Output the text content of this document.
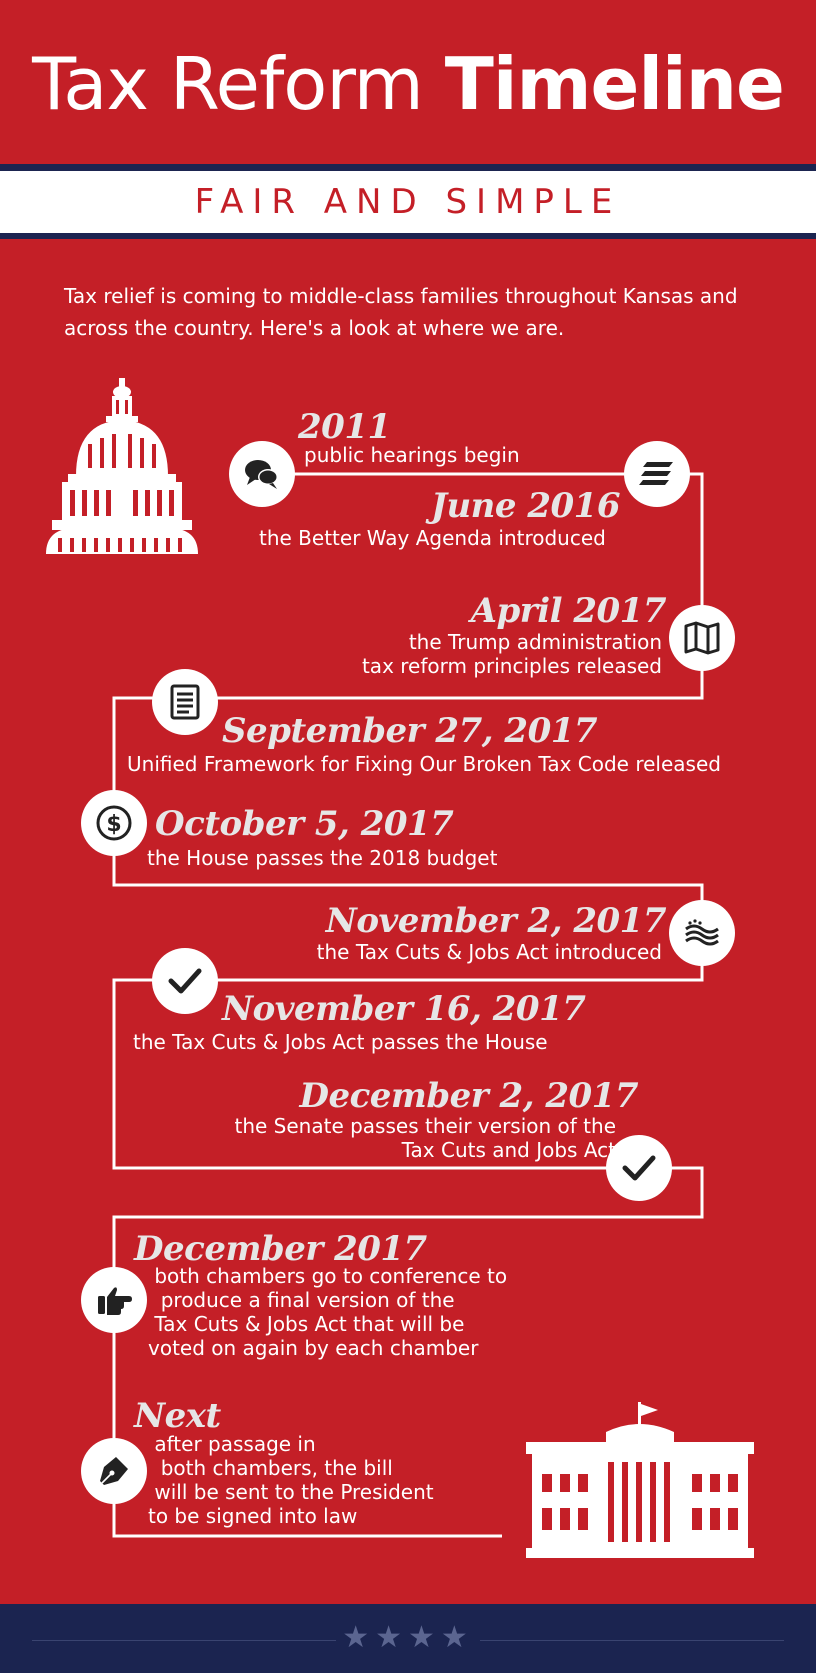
Tax Reform Timeline
FAIR AND SIMPLE
Tax relief is coming to middle-class families throughout Kansas and across the country. Here's a look at where we are.
$
2011
June 2016
April 2017
September 27, 2017
October 5, 2017
November 2, 2017
November 16, 2017
December 2, 2017
December 2017
Next
public hearings begin
the Better Way Agenda introduced
the Trump administration
tax reform principles released
Unified Framework for Fixing Our Broken Tax Code released
the House passes the 2018 budget
the Tax Cuts & Jobs Act introduced
the Tax Cuts & Jobs Act passes the House
the Senate passes their version of the
Tax Cuts and Jobs Act
both chambers go to conference to
produce a final version of the
Tax Cuts & Jobs Act that will be
voted on again by each chamber
after passage in
both chambers, the bill
will be sent to the President
to be signed into law
★★★★
